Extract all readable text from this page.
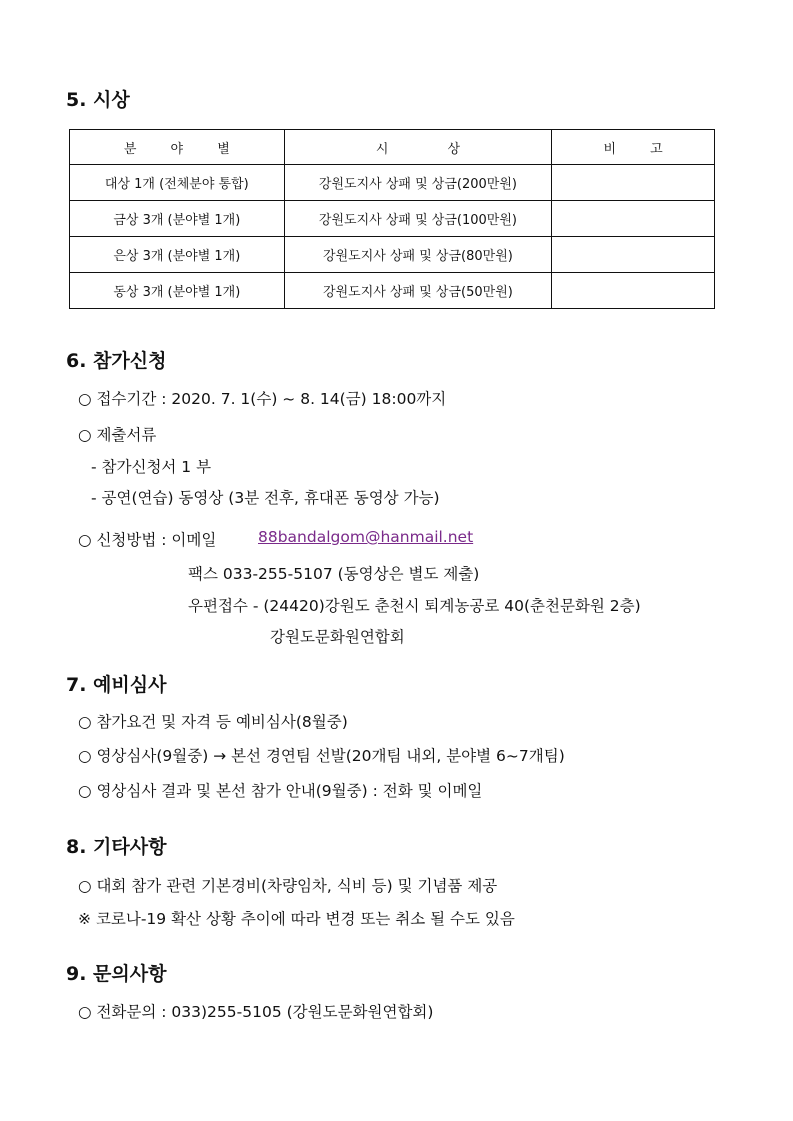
5. 시상
분 야 별	시 상	비 고
대상 1개 (전체분야 통합)	강원도지사 상패 및 상금(200만원)	
금상 3개 (분야별 1개)	강원도지사 상패 및 상금(100만원)	
은상 3개 (분야별 1개)	강원도지사 상패 및 상금(80만원)	
동상 3개 (분야별 1개)	강원도지사 상패 및 상금(50만원)	
6. 참가신청
○ 접수기간 : 2020. 7. 1(수) ~ 8. 14(금) 18:00까지
○ 제출서류
- 참가신청서 1 부
- 공연(연습) 동영상 (3분 전후, 휴대폰 동영상 가능)
○ 신청방법 : 이메일	88bandalgom@hanmail.net
팩스 033-255-5107 (동영상은 별도 제출)
우편접수 - (24420)강원도 춘천시 퇴계농공로 40(춘천문화원 2층)
강원도문화원연합회
7. 예비심사
○ 참가요건 및 자격 등 예비심사(8월중)
○ 영상심사(9월중) → 본선 경연팀 선발(20개팀 내외, 분야별 6~7개팀)
○ 영상심사 결과 및 본선 참가 안내(9월중) : 전화 및 이메일
8. 기타사항
○ 대회 참가 관련 기본경비(차량임차, 식비 등) 및 기념품 제공
※ 코로나-19 확산 상황 추이에 따라 변경 또는 취소 될 수도 있음
9. 문의사항
○ 전화문의 : 033)255-5105 (강원도문화원연합회)
